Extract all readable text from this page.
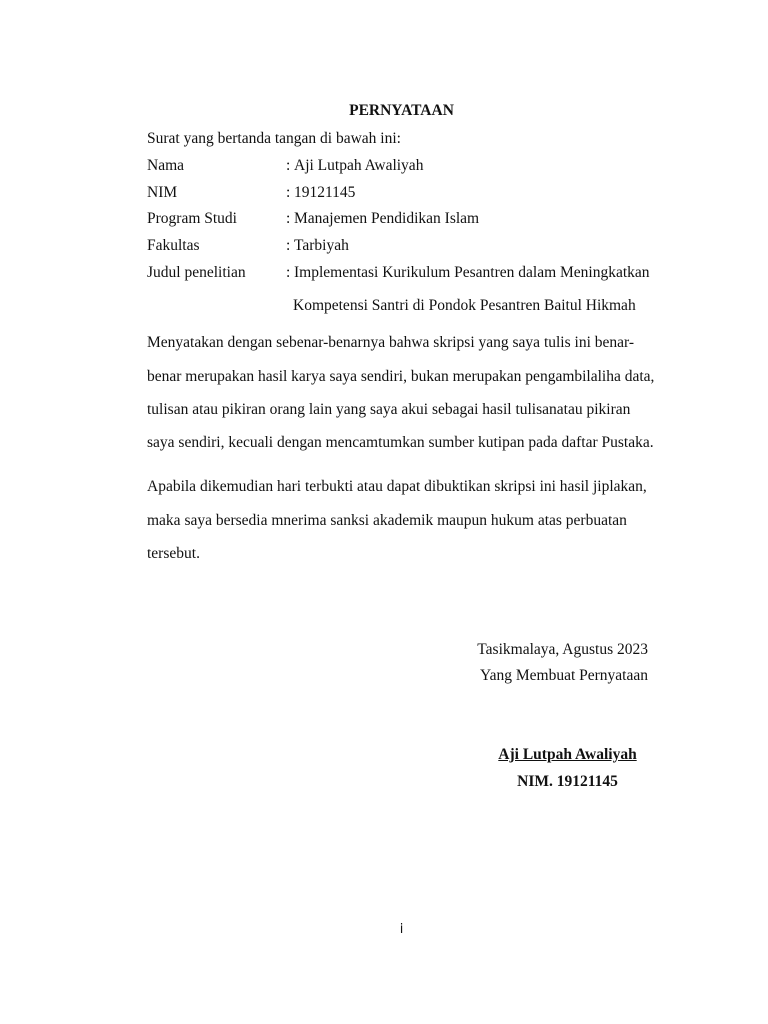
PERNYATAAN
Surat yang bertanda tangan di bawah ini:
Nama	: Aji Lutpah Awaliyah
NIM	: 19121145
Program Studi	: Manajemen Pendidikan Islam
Fakultas	: Tarbiyah
Judul penelitian	: Implementasi Kurikulum Pesantren dalam Meningkatkan
Kompetensi Santri di Pondok Pesantren Baitul Hikmah
Menyatakan dengan sebenar-benarnya bahwa skripsi yang saya tulis ini benar-
benar merupakan hasil karya saya sendiri, bukan merupakan pengambilaliha data,
tulisan atau pikiran orang lain yang saya akui sebagai hasil tulisanatau pikiran
saya sendiri, kecuali dengan mencamtumkan sumber kutipan pada daftar Pustaka.
Apabila dikemudian hari terbukti atau dapat dibuktikan skripsi ini hasil jiplakan,
maka saya bersedia mnerima sanksi akademik maupun hukum atas perbuatan
tersebut.
Tasikmalaya, Agustus 2023
Yang Membuat Pernyataan
Aji Lutpah Awaliyah
NIM. 19121145
i
